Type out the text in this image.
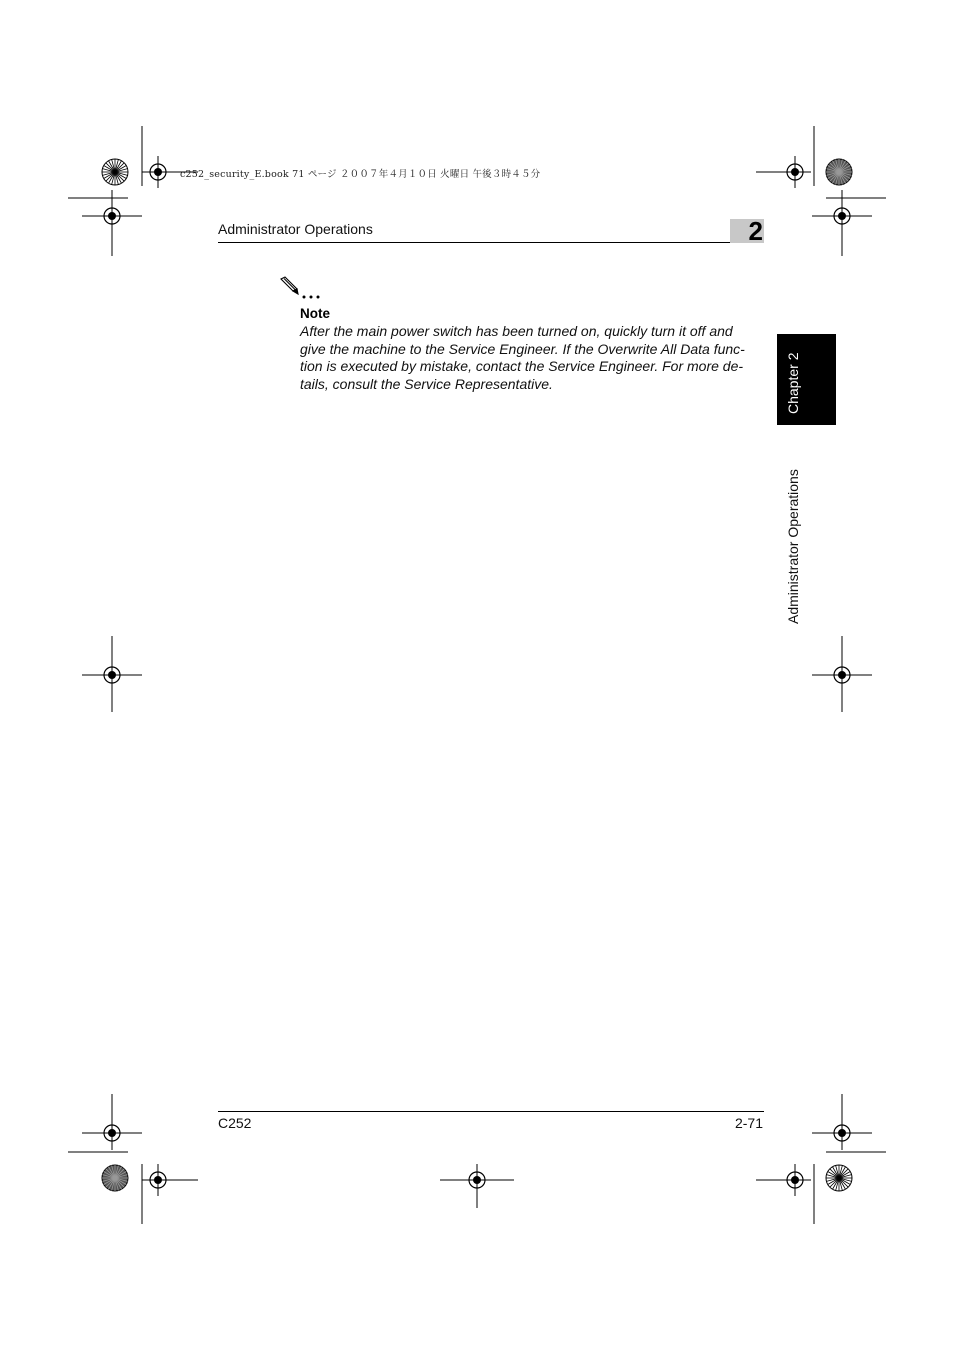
c252_security_E.book 71 ページ ２００７年４月１０日 火曜日 午後３時４５分
Administrator Operations	2
Chapter 2
Administrator Operations
Note
After the main power switch has been turned on, quickly turn it off and
give the machine to the Service Engineer. If the Overwrite All Data func-
tion is executed by mistake, contact the Service Engineer. For more de-
tails, consult the Service Representative.
C252	2-71
